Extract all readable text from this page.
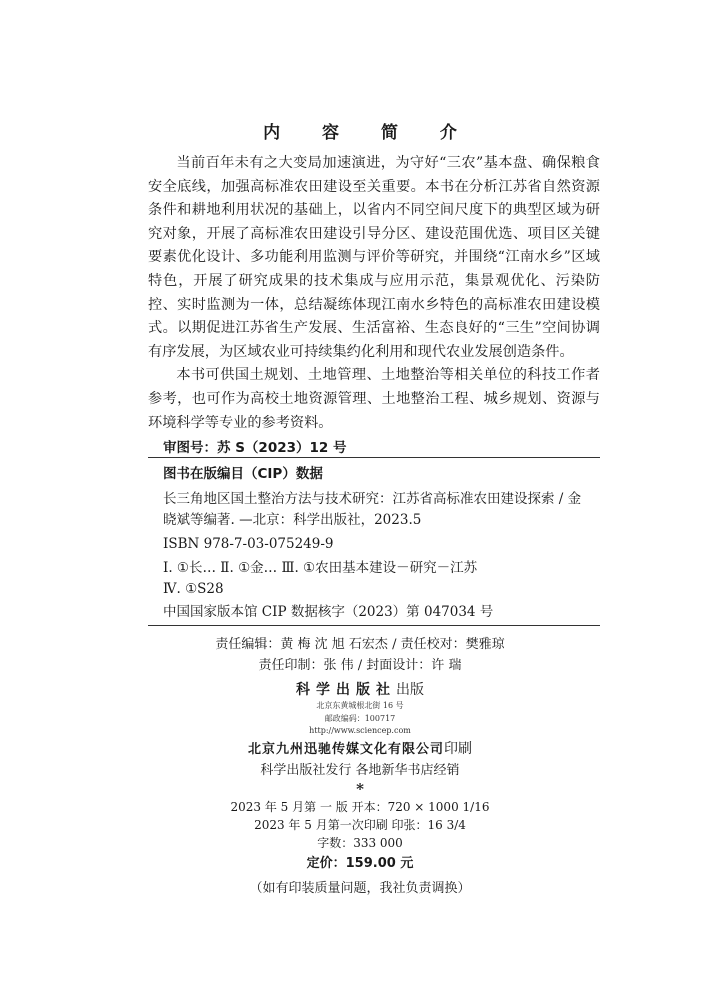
内 容 简 介

当前百年未有之大变局加速演进，为守好“三农”基本盘、确保粮食安全底线，加强高标准农田建设至关重要。本书在分析江苏省自然资源条件和耕地利用状况的基础上，以省内不同空间尺度下的典型区域为研究对象，开展了高标准农田建设引导分区、建设范围优选、项目区关键要素优化设计、多功能利用监测与评价等研究，并围绕“江南水乡”区域特色，开展了研究成果的技术集成与应用示范，集景观优化、污染防控、实时监测为一体，总结凝练体现江南水乡特色的高标准农田建设模式。以期促进江苏省生产发展、生活富裕、生态良好的“三生”空间协调有序发展，为区域农业可持续集约化利用和现代农业发展创造条件。

本书可供国土规划、土地管理、土地整治等相关单位的科技工作者参考，也可作为高校土地资源管理、土地整治工程、城乡规划、资源与环境科学等专业的参考资料。

审图号：苏 S（2023）12 号
图书在版编目（CIP）数据
长三角地区国土整治方法与技术研究：江苏省高标准农田建设探索 / 金
晓斌等编著. —北京：科学出版社，2023.5
ISBN 978-7-03-075249-9
Ⅰ. ①长… Ⅱ. ①金… Ⅲ. ①农田基本建设－研究－江苏
Ⅳ. ①S28
中国国家版本馆 CIP 数据核字（2023）第 047034 号
责任编辑：黄 梅 沈 旭 石宏杰 / 责任校对：樊雅琼
责任印制：张 伟 / 封面设计：许 瑞
科学出版社出版
北京东黄城根北街 16 号
邮政编码：100717
http://www.sciencep.com
北京九州迅驰传媒文化有限公司印刷
科学出版社发行 各地新华书店经销
*
2023 年 5 月第 一 版 开本：720 × 1000 1/16
2023 年 5 月第一次印刷 印张：16 3/4
字数：333 000
定价：159.00 元
（如有印装质量问题，我社负责调换）
